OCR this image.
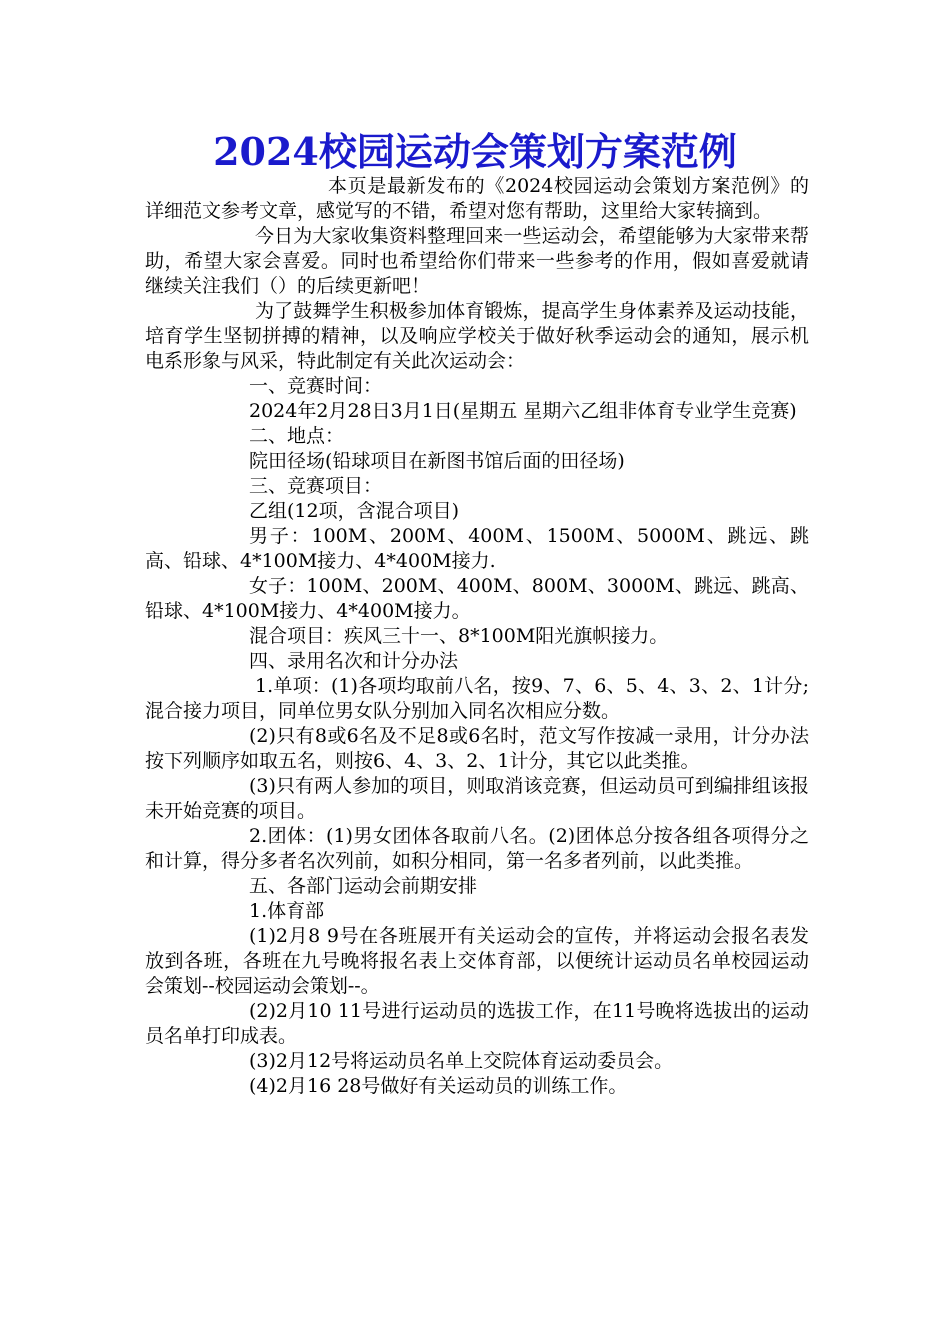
2024校园运动会策划方案范例

本页是最新发布的《2024校园运动会策划方案范例》的详细范文参考文章，感觉写的不错，希望对您有帮助，这里给大家转摘到。

今日为大家收集资料整理回来一些运动会，希望能够为大家带来帮助，希望大家会喜爱。同时也希望给你们带来一些参考的作用，假如喜爱就请继续关注我们（）的后续更新吧！

为了鼓舞学生积极参加体育锻炼，提高学生身体素养及运动技能，培育学生坚韧拼搏的精神，以及响应学校关于做好秋季运动会的通知，展示机电系形象与风采，特此制定有关此次运动会：

一、竞赛时间：

2024年2月28日3月1日(星期五 星期六乙组非体育专业学生竞赛)

二、地点：

院田径场(铅球项目在新图书馆后面的田径场)

三、竞赛项目：

乙组(12项，含混合项目)

男子：100M、200M、400M、1500M、5000M、跳远、跳高、铅球、4*100M接力、4*400M接力.

女子：100M、200M、400M、800M、3000M、跳远、跳高、铅球、4*100M接力、4*400M接力。

混合项目：疾风三十一、8*100M阳光旗帜接力。

四、录用名次和计分办法

1.单项：(1)各项均取前八名，按9、7、6、5、4、3、2、1计分;混合接力项目，同单位男女队分别加入同名次相应分数。

(2)只有8或6名及不足8或6名时，范文写作按减一录用，计分办法按下列顺序如取五名，则按6、4、3、2、1计分，其它以此类推。

(3)只有两人参加的项目，则取消该竞赛，但运动员可到编排组该报未开始竞赛的项目。

2.团体：(1)男女团体各取前八名。(2)团体总分按各组各项得分之和计算，得分多者名次列前，如积分相同，第一名多者列前，以此类推。

五、各部门运动会前期安排

1.体育部

(1)2月8 9号在各班展开有关运动会的宣传，并将运动会报名表发放到各班，各班在九号晚将报名表上交体育部，以便统计运动员名单校园运动会策划--校园运动会策划--。

(2)2月10 11号进行运动员的选拔工作，在11号晚将选拔出的运动员名单打印成表。

(3)2月12号将运动员名单上交院体育运动委员会。

(4)2月16 28号做好有关运动员的训练工作。
